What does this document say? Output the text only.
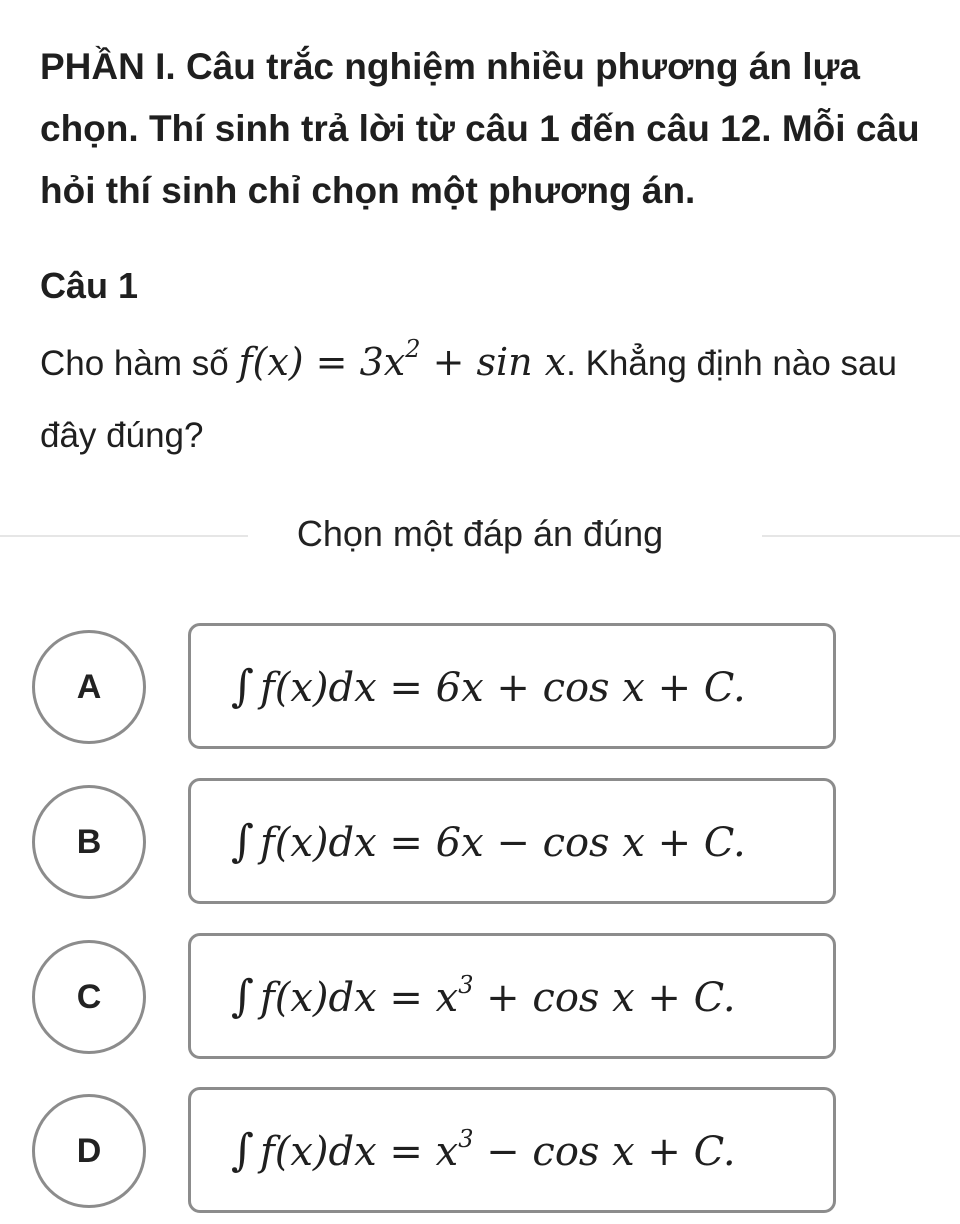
PHẦN I. Câu trắc nghiệm nhiều phương án lựa chọn. Thí sinh trả lời từ câu 1 đến câu 12. Mỗi câu hỏi thí sinh chỉ chọn một phương án.
Câu 1

Cho hàm số $f(x) = 3x^2 + \sin x$. Khẳng định nào sau đây đúng?

Chọn một đáp án đúng
A	∫ f(x)dx = 6x + cos x + C.
B	∫ f(x)dx = 6x − cos x + C.
C	∫ $f(x)dx = x^3 + \cos x + C$.
D	∫ $f(x)dx = x^3 - \cos x + C$.
